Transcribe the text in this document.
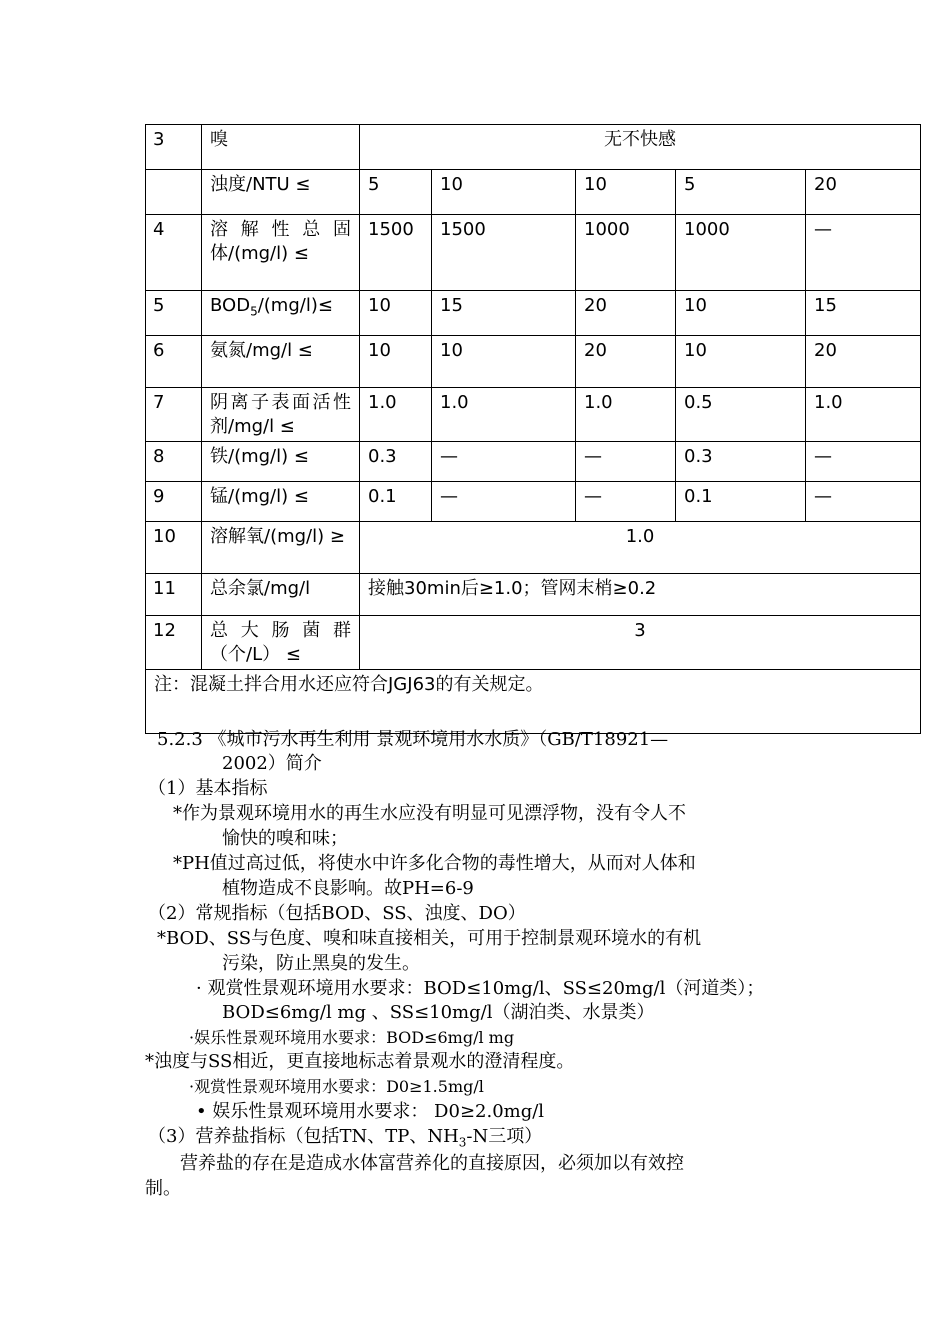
3	嗅	无不快感				
	浊度/NTU ≤	5	10	10	5	20
4	溶解性总固体/(mg/l) ≤	1500	1500	1000	1000	—
5	$BOD_5/(mg/l)\le$	10	15	20	10	15
6	氨氮/mg/l ≤	10	10	20	10	20
7	阴离子表面活性剂/mg/l ≤	1.0	1.0	1.0	0.5	1.0
8	铁/(mg/l) ≤	0.3	—	—	0.3	—
9	锰/(mg/l) ≤	0.1	—	—	0.1	—
10	溶解氧/(mg/l) ≥	1.0				
11	总余氯/mg/l	接触30min后≥1.0；管网末梢≥0.2				
12	总大肠菌群（个/L） ≤	3				
注：混凝土拌合用水还应符合JGJ63的有关规定。						
5.2.3 《城市污水再生利用 景观环境用水水质》（GB/T18921—
2002）简介
（1）基本指标
*作为景观环境用水的再生水应没有明显可见漂浮物，没有令人不
愉快的嗅和味；
*PH值过高过低，将使水中许多化合物的毒性增大，从而对人体和
植物造成不良影响。故PH=6-9
（2）常规指标（包括BOD、SS、浊度、DO）
*BOD、SS与色度、嗅和味直接相关，可用于控制景观环境水的有机
污染，防止黑臭的发生。
· 观赏性景观环境用水要求：BOD≤10mg/l、SS≤20mg/l（河道类）；
BOD≤6mg/l mg 、SS≤10mg/l（湖泊类、水景类）
·娱乐性景观环境用水要求：BOD≤6mg/l mg
*浊度与SS相近，更直接地标志着景观水的澄清程度。
·观赏性景观环境用水要求：D0≥1.5mg/l
• 娱乐性景观环境用水要求： D0≥2.0mg/l
（3）营养盐指标（包括TN、TP、$NH_3-N$三项）
营养盐的存在是造成水体富营养化的直接原因，必须加以有效控
制。
